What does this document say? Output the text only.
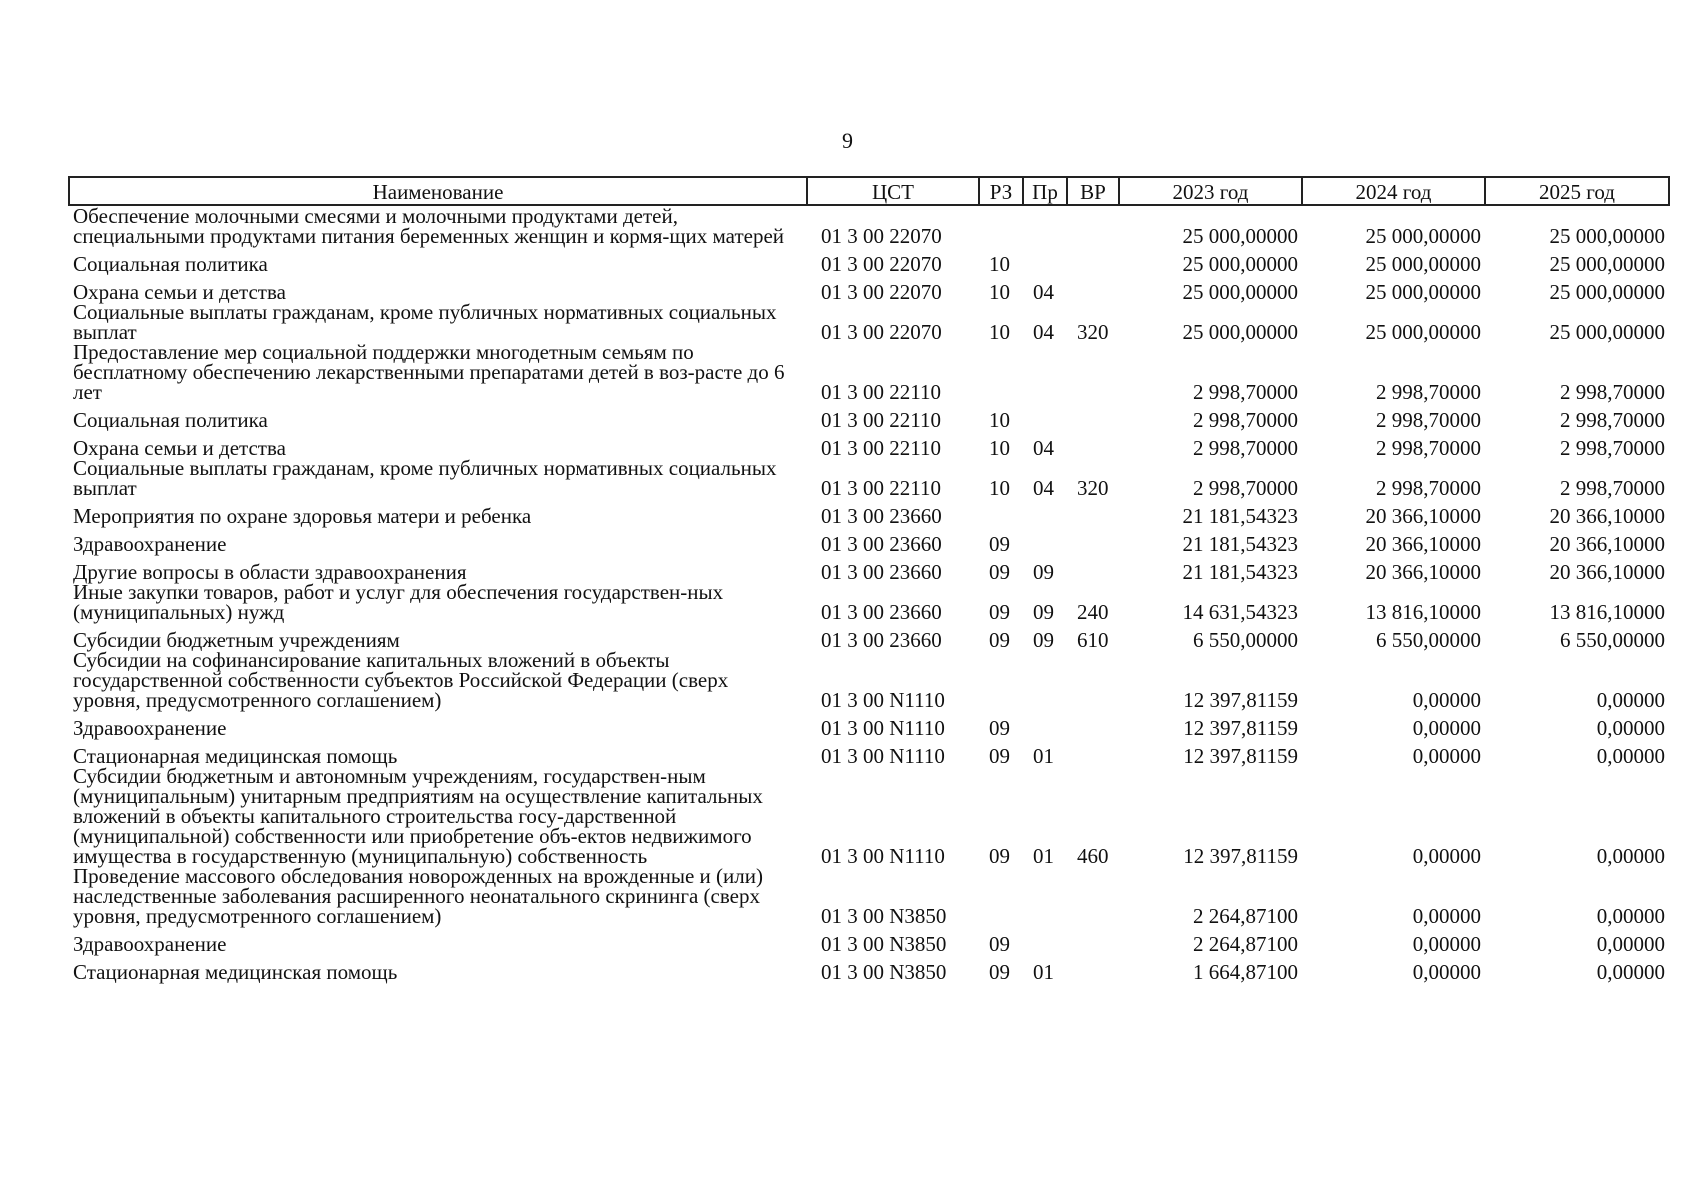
9
Наименование	ЦСТ	РЗ	Пр	ВР	2023 год	2024 год	2025 год
Обеспечение молочными смесями и молочными продуктами детей, специальными продуктами питания беременных женщин и кормя-щих матерей	01 3 00 22070				25 000,00000	25 000,00000	25 000,00000
Социальная политика	01 3 00 22070	10			25 000,00000	25 000,00000	25 000,00000
Охрана семьи и детства	01 3 00 22070	10	04		25 000,00000	25 000,00000	25 000,00000
Социальные выплаты гражданам, кроме публичных нормативных социальных выплат	01 3 00 22070	10	04	320	25 000,00000	25 000,00000	25 000,00000
Предоставление мер социальной поддержки многодетным семьям по бесплатному обеспечению лекарственными препаратами детей в воз-расте до 6 лет	01 3 00 22110				2 998,70000	2 998,70000	2 998,70000
Социальная политика	01 3 00 22110	10			2 998,70000	2 998,70000	2 998,70000
Охрана семьи и детства	01 3 00 22110	10	04		2 998,70000	2 998,70000	2 998,70000
Социальные выплаты гражданам, кроме публичных нормативных социальных выплат	01 3 00 22110	10	04	320	2 998,70000	2 998,70000	2 998,70000
Мероприятия по охране здоровья матери и ребенка	01 3 00 23660				21 181,54323	20 366,10000	20 366,10000
Здравоохранение	01 3 00 23660	09			21 181,54323	20 366,10000	20 366,10000
Другие вопросы в области здравоохранения	01 3 00 23660	09	09		21 181,54323	20 366,10000	20 366,10000
Иные закупки товаров, работ и услуг для обеспечения государствен-ных (муниципальных) нужд	01 3 00 23660	09	09	240	14 631,54323	13 816,10000	13 816,10000
Субсидии бюджетным учреждениям	01 3 00 23660	09	09	610	6 550,00000	6 550,00000	6 550,00000
Субсидии на софинансирование капитальных вложений в объекты государственной собственности субъектов Российской Федерации (сверх уровня, предусмотренного соглашением)	01 3 00 N1110				12 397,81159	0,00000	0,00000
Здравоохранение	01 3 00 N1110	09			12 397,81159	0,00000	0,00000
Стационарная медицинская помощь	01 3 00 N1110	09	01		12 397,81159	0,00000	0,00000
Субсидии бюджетным и автономным учреждениям, государствен-ным (муниципальным) унитарным предприятиям на осуществление капитальных вложений в объекты капитального строительства госу-дарственной (муниципальной) собственности или приобретение объ-ектов недвижимого имущества в государственную (муниципальную) собственность	01 3 00 N1110	09	01	460	12 397,81159	0,00000	0,00000
Проведение массового обследования новорожденных на врожденные и (или) наследственные заболевания расширенного неонатального скрининга (сверх уровня, предусмотренного соглашением)	01 3 00 N3850				2 264,87100	0,00000	0,00000
Здравоохранение	01 3 00 N3850	09			2 264,87100	0,00000	0,00000
Стационарная медицинская помощь	01 3 00 N3850	09	01		1 664,87100	0,00000	0,00000
